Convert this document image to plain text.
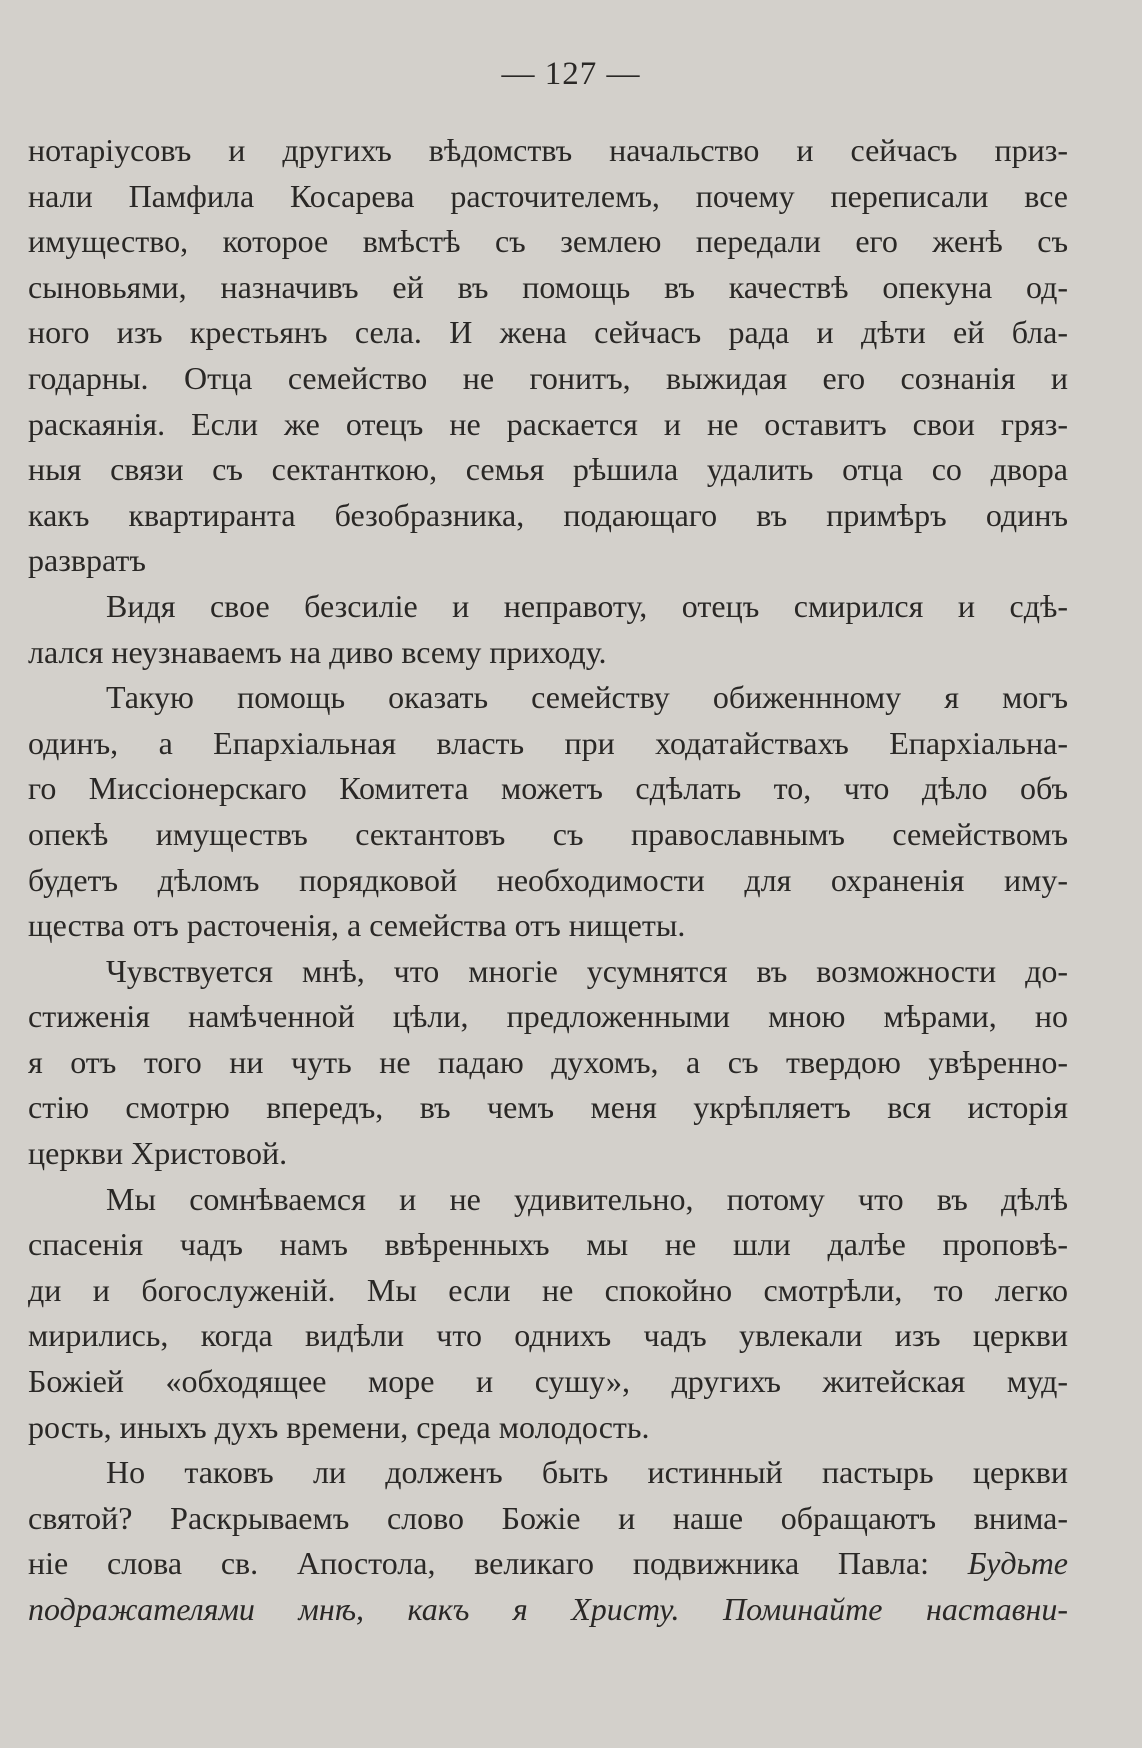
— 127 —
нотаріусовъ и другихъ вѣдомствъ начальство и сейчасъ приз-
нали Памфила Косарева расточителемъ, почему переписали все
имущество, которое вмѣстѣ съ землею передали его женѣ съ
сыновьями, назначивъ ей въ помощь въ качествѣ опекуна од-
ного изъ крестьянъ села. И жена сейчасъ рада и дѣти ей бла-
годарны. Отца семейство не гонитъ, выжидая его сознанія и
раскаянія. Если же отецъ не раскается и не оставитъ свои гряз-
ныя связи съ сектанткою, семья рѣшила удалить отца со двора
какъ квартиранта безобразника, подающаго въ примѣръ одинъ
развратъ
Видя свое безсиліе и неправоту, отецъ смирился и сдѣ-
лался неузнаваемъ на диво всему приходу.
Такую помощь оказать семейству обиженнному я могъ
одинъ, а Епархіальная власть при ходатайствахъ Епархіальна-
го Миссіонерскаго Комитета можетъ сдѣлать то, что дѣло объ
опекѣ имуществъ сектантовъ съ православнымъ семействомъ
будетъ дѣломъ порядковой необходимости для охраненія иму-
щества отъ расточенія, а семейства отъ нищеты.
Чувствуется мнѣ, что многіе усумнятся въ возможности до-
стиженія намѣченной цѣли, предложенными мною мѣрами, но
я отъ того ни чуть не падаю духомъ, а съ твердою увѣренно-
стію смотрю впередъ, въ чемъ меня укрѣпляетъ вся исторія
церкви Христовой.
Мы сомнѣваемся и не удивительно, потому что въ дѣлѣ
спасенія чадъ намъ ввѣренныхъ мы не шли далѣе проповѣ-
ди и богослуженій. Мы если не спокойно смотрѣли, то легко
мирились, когда видѣли что однихъ чадъ увлекали изъ церкви
Божіей «обходящее море и сушу», другихъ житейская муд-
рость, иныхъ духъ времени, среда молодость.
Но таковъ ли долженъ быть истинный пастырь церкви
святой? Раскрываемъ слово Божіе и наше обращаютъ внима-
ніе слова св. Апостола, великаго подвижника Павла: Будьте
подражателями мнѣ, какъ я Христу. Поминайте наставни-
